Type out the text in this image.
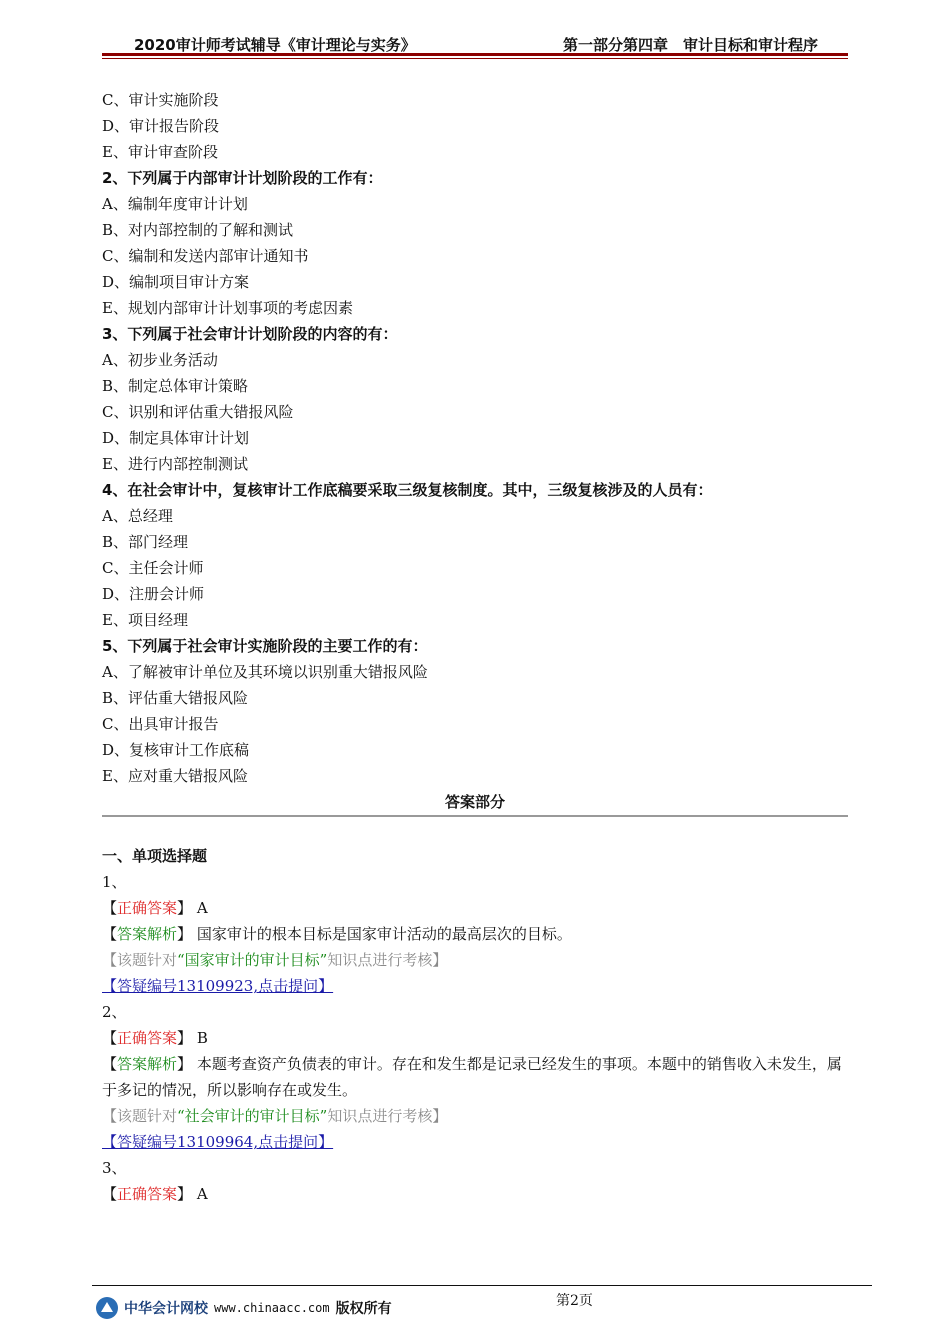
2020审计师考试辅导《审计理论与实务》	第一部分第四章　审计目标和审计程序
C、审计实施阶段
D、审计报告阶段
E、审计审查阶段
2、下列属于内部审计计划阶段的工作有：
A、编制年度审计计划
B、对内部控制的了解和测试
C、编制和发送内部审计通知书
D、编制项目审计方案
E、规划内部审计计划事项的考虑因素
3、下列属于社会审计计划阶段的内容的有：
A、初步业务活动
B、制定总体审计策略
C、识别和评估重大错报风险
D、制定具体审计计划
E、进行内部控制测试
4、在社会审计中，复核审计工作底稿要采取三级复核制度。其中，三级复核涉及的人员有：
A、总经理
B、部门经理
C、主任会计师
D、注册会计师
E、项目经理
5、下列属于社会审计实施阶段的主要工作的有：
A、了解被审计单位及其环境以识别重大错报风险
B、评估重大错报风险
C、出具审计报告
D、复核审计工作底稿
E、应对重大错报风险
答案部分
一、单项选择题
1、
【正确答案】 A
【答案解析】 国家审计的根本目标是国家审计活动的最高层次的目标。
【该题针对“国家审计的审计目标”知识点进行考核】
【答疑编号13109923,点击提问】
2、
【正确答案】 B
【答案解析】 本题考查资产负债表的审计。存在和发生都是记录已经发生的事项。本题中的销售收入未发生，属于多记的情况，所以影响存在或发生。
【该题针对“社会审计的审计目标”知识点进行考核】
【答疑编号13109964,点击提问】
3、
【正确答案】 A
第2页
中华会计网校 www.chinaacc.com 版权所有
